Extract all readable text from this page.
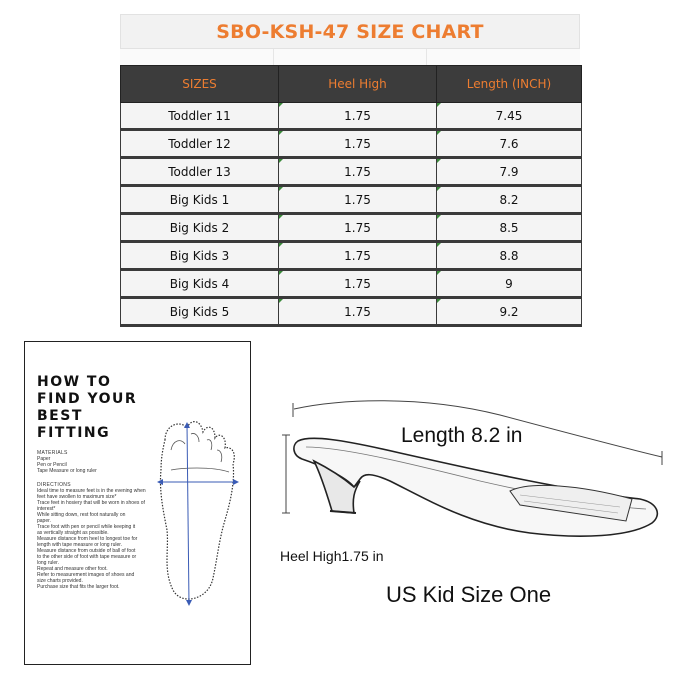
SBO-KSH-47 SIZE CHART
SIZES	Heel High	Length (INCH)
Toddler 11	1.75	7.45
Toddler 12	1.75	7.6
Toddler 13	1.75	7.9
Big Kids 1	1.75	8.2
Big Kids 2	1.75	8.5
Big Kids 3	1.75	8.8
Big Kids 4	1.75	9
Big Kids 5	1.75	9.2
HOW TO
FIND YOUR
BEST
FITTING
MATERIALS
Paper
Pen or Pencil
Tape Measure or long ruler
DIRECTIONS
Ideal time to measure feet is in the evening when
feet have swollen to maximum size*
Trace feet in hosiery that will be worn in shoes of
interest*
While sitting down, rest foot naturally on
paper.
Trace foot with pen or pencil while keeping it
as vertically straight as possible.
Measure distance from heel to longest toe for
length with tape measure or long ruler.
Measure distance from outside of ball of foot
to the other side of foot with tape measure or
long ruler.
Repeat and measure other foot.
Refer to measurement images of shoes and
size charts provided.
Purchase size that fits the larger foot.
Length 8.2 in
Heel High1.75 in
US Kid Size One
